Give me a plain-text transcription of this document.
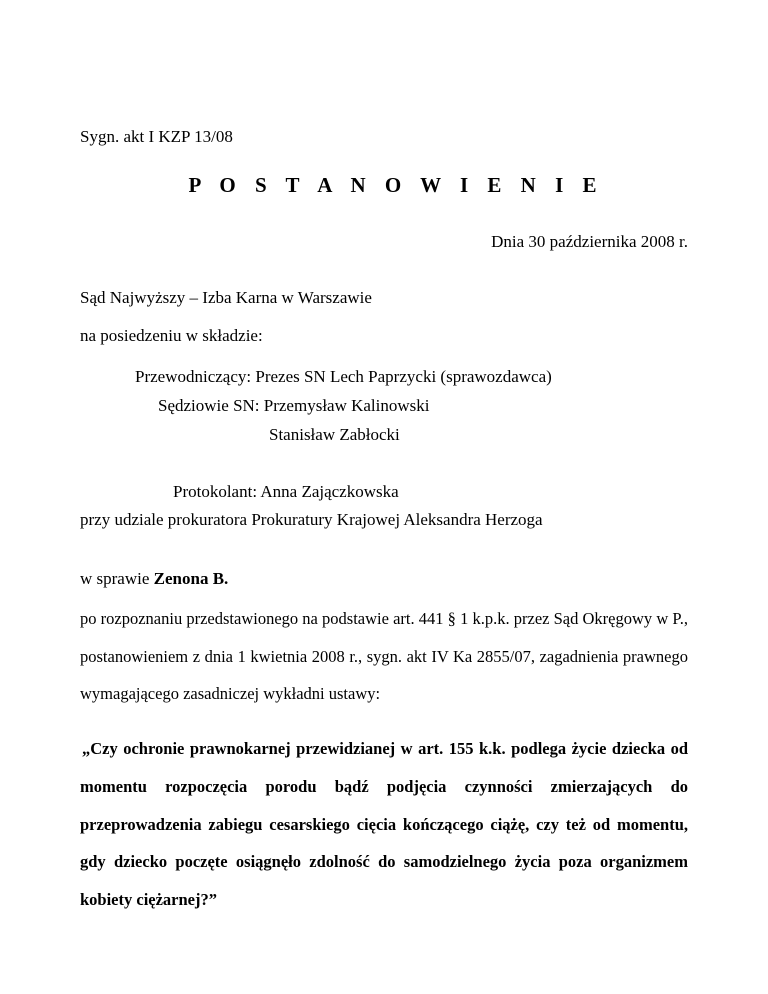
Sygn. akt I KZP 13/08
P O S T A N O W I E N I E
Dnia 30 października 2008 r.
Sąd Najwyższy – Izba Karna w Warszawie
na posiedzeniu w składzie:
Przewodniczący: Prezes SN Lech Paprzycki (sprawozdawca)
Sędziowie SN: Przemysław Kalinowski
Stanisław Zabłocki
Protokolant: Anna Zajączkowska
przy udziale prokuratora Prokuratury Krajowej Aleksandra Herzoga
w sprawie Zenona B.
po rozpoznaniu przedstawionego na podstawie art. 441 § 1 k.p.k. przez Sąd Okręgowy w P., postanowieniem z dnia 1 kwietnia 2008 r., sygn. akt IV Ka 2855/07, zagadnienia prawnego wymagającego zasadniczej wykładni ustawy:
„Czy ochronie prawnokarnej przewidzianej w art. 155 k.k. podlega życie dziecka od momentu rozpoczęcia porodu bądź podjęcia czynności zmierzających do przeprowadzenia zabiegu cesarskiego cięcia kończącego ciążę, czy też od momentu, gdy dziecko poczęte osiągnęło zdolność do samodzielnego życia poza organizmem kobiety ciężarnej?”
